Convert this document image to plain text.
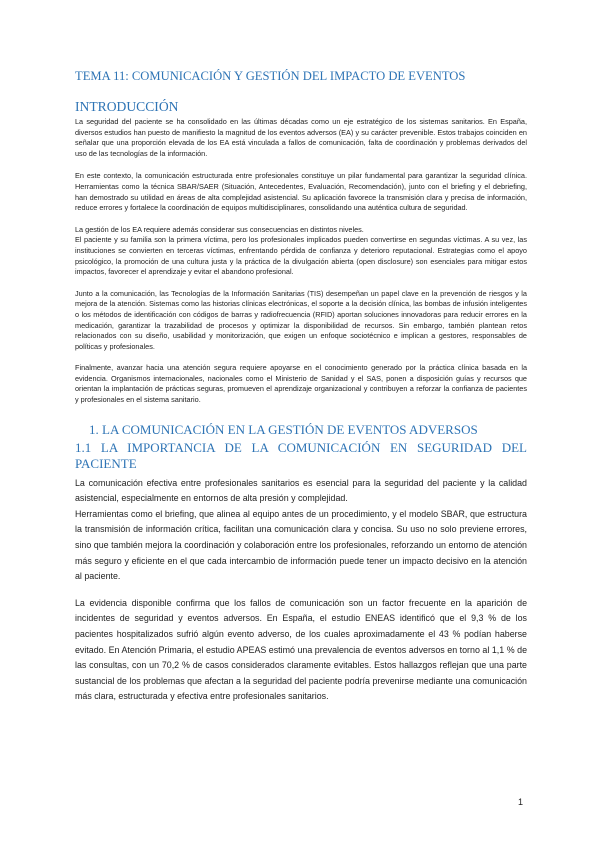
TEMA 11: COMUNICACIÓN Y GESTIÓN DEL IMPACTO DE EVENTOS
INTRODUCCIÓN

La seguridad del paciente se ha consolidado en las últimas décadas como un eje estratégico de los sistemas sanitarios. En España, diversos estudios han puesto de manifiesto la magnitud de los eventos adversos (EA) y su carácter prevenible. Estos trabajos coinciden en señalar que una proporción elevada de los EA está vinculada a fallos de comunicación, falta de coordinación y problemas derivados del uso de las tecnologías de la información.

En este contexto, la comunicación estructurada entre profesionales constituye un pilar fundamental para garantizar la seguridad clínica. Herramientas como la técnica SBAR/SAER (Situación, Antecedentes, Evaluación, Recomendación), junto con el briefing y el debriefing, han demostrado su utilidad en áreas de alta complejidad asistencial. Su aplicación favorece la transmisión clara y precisa de información, reduce errores y fortalece la coordinación de equipos multidisciplinares, consolidando una auténtica cultura de seguridad.

La gestión de los EA requiere además considerar sus consecuencias en distintos niveles.

El paciente y su familia son la primera víctima, pero los profesionales implicados pueden convertirse en segundas víctimas. A su vez, las instituciones se convierten en terceras víctimas, enfrentando pérdida de confianza y deterioro reputacional. Estrategias como el apoyo psicológico, la promoción de una cultura justa y la práctica de la divulgación abierta (open disclosure) son esenciales para mitigar estos impactos, favorecer el aprendizaje y evitar el abandono profesional.

Junto a la comunicación, las Tecnologías de la Información Sanitarias (TIS) desempeñan un papel clave en la prevención de riesgos y la mejora de la atención. Sistemas como las historias clínicas electrónicas, el soporte a la decisión clínica, las bombas de infusión inteligentes o los métodos de identificación con códigos de barras y radiofrecuencia (RFID) aportan soluciones innovadoras para reducir errores en la medicación, garantizar la trazabilidad de procesos y optimizar la disponibilidad de recursos. Sin embargo, también plantean retos relacionados con su diseño, usabilidad y monitorización, que exigen un enfoque sociotécnico e implican a gestores, responsables de políticas y profesionales.

Finalmente, avanzar hacia una atención segura requiere apoyarse en el conocimiento generado por la práctica clínica basada en la evidencia. Organismos internacionales, nacionales como el Ministerio de Sanidad y el SAS, ponen a disposición guías y recursos que orientan la implantación de prácticas seguras, promueven el aprendizaje organizacional y contribuyen a reforzar la confianza de pacientes y profesionales en el sistema sanitario.

1. LA COMUNICACIÓN EN LA GESTIÓN DE EVENTOS ADVERSOS
1.1 LA IMPORTANCIA DE LA COMUNICACIÓN EN SEGURIDAD DEL PACIENTE

La comunicación efectiva entre profesionales sanitarios es esencial para la seguridad del paciente y la calidad asistencial, especialmente en entornos de alta presión y complejidad.

Herramientas como el briefing, que alinea al equipo antes de un procedimiento, y el modelo SBAR, que estructura la transmisión de información crítica, facilitan una comunicación clara y concisa. Su uso no solo previene errores, sino que también mejora la coordinación y colaboración entre los profesionales, reforzando un entorno de atención más seguro y eficiente en el que cada intercambio de información puede tener un impacto decisivo en la atención al paciente.

La evidencia disponible confirma que los fallos de comunicación son un factor frecuente en la aparición de incidentes de seguridad y eventos adversos. En España, el estudio ENEAS identificó que el 9,3 % de los pacientes hospitalizados sufrió algún evento adverso, de los cuales aproximadamente el 43 % podían haberse evitado. En Atención Primaria, el estudio APEAS estimó una prevalencia de eventos adversos en torno al 1,1 % de las consultas, con un 70,2 % de casos considerados claramente evitables. Estos hallazgos reflejan que una parte sustancial de los problemas que afectan a la seguridad del paciente podría prevenirse mediante una comunicación más clara, estructurada y efectiva entre profesionales sanitarios.

1
